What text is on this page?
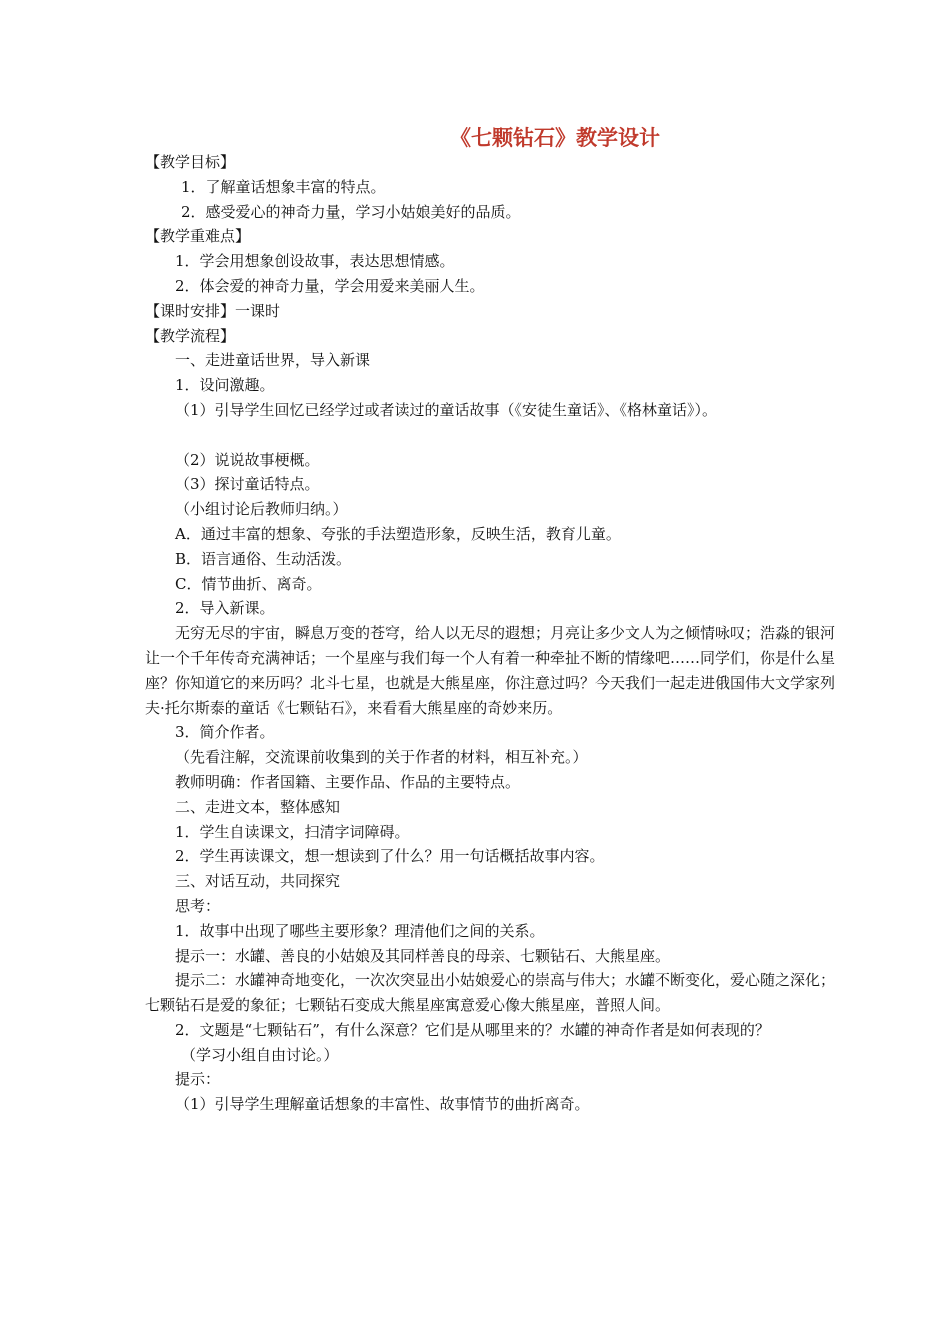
《七颗钻石》教学设计

【教学目标】

1．了解童话想象丰富的特点。

2．感受爱心的神奇力量，学习小姑娘美好的品质。

【教学重难点】

1．学会用想象创设故事，表达思想情感。

2．体会爱的神奇力量，学会用爱来美丽人生。

【课时安排】一课时

【教学流程】

一、走进童话世界，导入新课

1．设问激趣。

（1）引导学生回忆已经学过或者读过的童话故事（《安徒生童话》、《格林童话》）。

（2）说说故事梗概。

（3）探讨童话特点。

（小组讨论后教师归纳。）

A．通过丰富的想象、夸张的手法塑造形象，反映生活，教育儿童。

B．语言通俗、生动活泼。

C．情节曲折、离奇。

2．导入新课。

无穷无尽的宇宙，瞬息万变的苍穹，给人以无尽的遐想；月亮让多少文人为之倾情咏叹；浩淼的银河让一个千年传奇充满神话；一个星座与我们每一个人有着一种牵扯不断的情缘吧……同学们，你是什么星座？你知道它的来历吗？北斗七星，也就是大熊星座，你注意过吗？今天我们一起走进俄国伟大文学家列夫·托尔斯泰的童话《七颗钻石》，来看看大熊星座的奇妙来历。

3．简介作者。

（先看注解，交流课前收集到的关于作者的材料，相互补充。）

教师明确：作者国籍、主要作品、作品的主要特点。

二、走进文本，整体感知

1．学生自读课文，扫清字词障碍。

2．学生再读课文，想一想读到了什么？用一句话概括故事内容。

三、对话互动，共同探究

思考：

1．故事中出现了哪些主要形象？理清他们之间的关系。

提示一：水罐、善良的小姑娘及其同样善良的母亲、七颗钻石、大熊星座。

提示二：水罐神奇地变化，一次次突显出小姑娘爱心的崇高与伟大；水罐不断变化，爱心随之深化；七颗钻石是爱的象征；七颗钻石变成大熊星座寓意爱心像大熊星座，普照人间。

2．文题是“七颗钻石”，有什么深意？它们是从哪里来的？水罐的神奇作者是如何表现的？

（学习小组自由讨论。）

提示：

（1）引导学生理解童话想象的丰富性、故事情节的曲折离奇。
